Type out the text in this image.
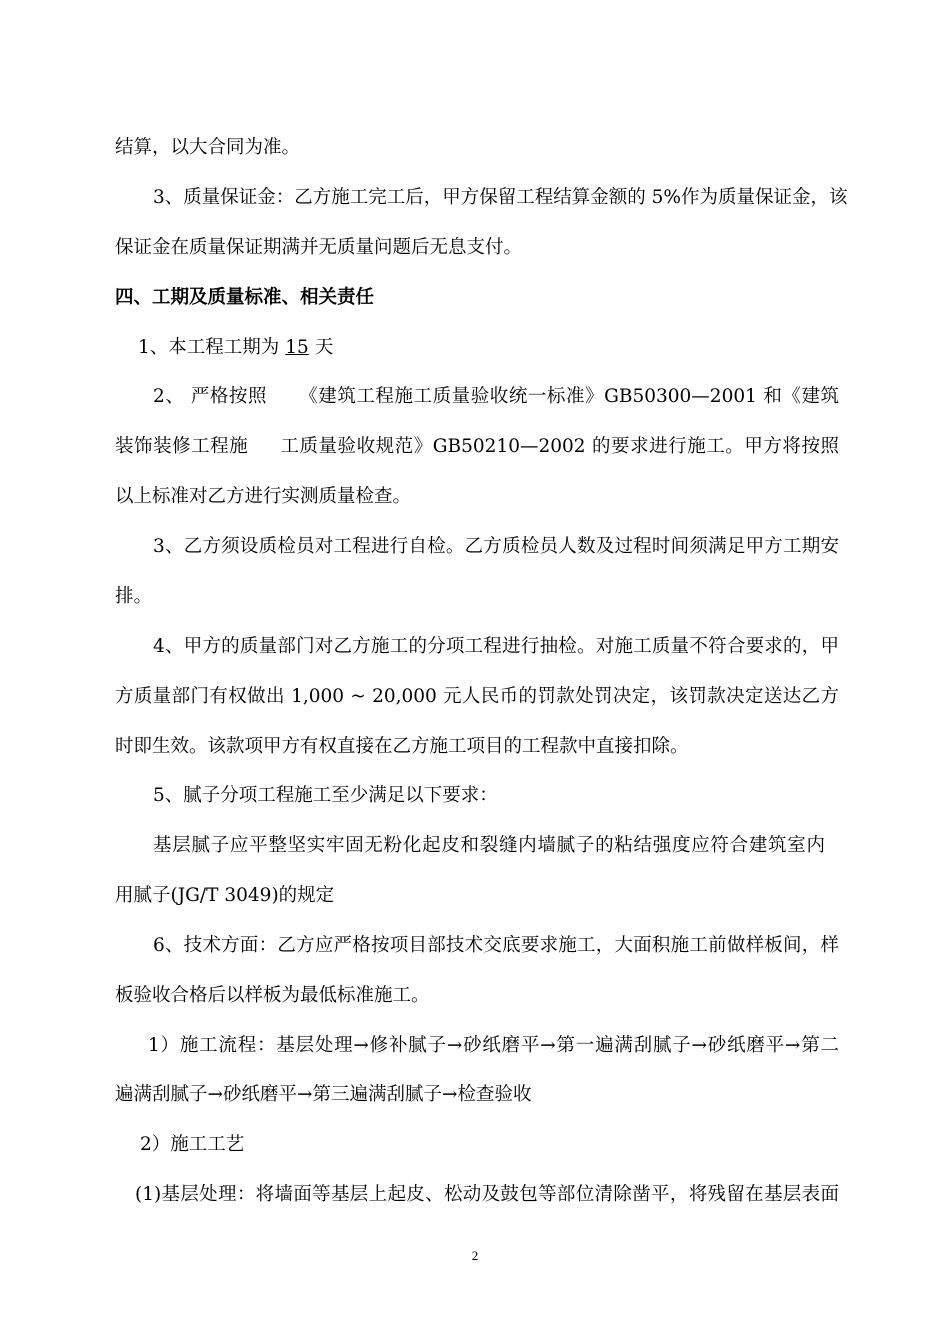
结算，以大合同为准。
3、质量保证金：乙方施工完工后，甲方保留工程结算金额的 5%作为质量保证金，该
保证金在质量保证期满并无质量问题后无息支付。
四、工期及质量标准、相关责任
1、本工程工期为 15 天
2、 严格按照     《建筑工程施工质量验收统一标准》GB50300—2001 和《建筑
装饰装修工程施     工质量验收规范》GB50210—2002 的要求进行施工。甲方将按照
以上标准对乙方进行实测质量检查。
3、乙方须设质检员对工程进行自检。乙方质检员人数及过程时间须满足甲方工期安
排。
4、甲方的质量部门对乙方施工的分项工程进行抽检。对施工质量不符合要求的，甲
方质量部门有权做出 1,000 ~ 20,000 元人民币的罚款处罚决定，该罚款决定送达乙方
时即生效。该款项甲方有权直接在乙方施工项目的工程款中直接扣除。
5、腻子分项工程施工至少满足以下要求：
基层腻子应平整坚实牢固无粉化起皮和裂缝内墙腻子的粘结强度应符合建筑室内
用腻子(JG/T 3049)的规定
6、技术方面：乙方应严格按项目部技术交底要求施工，大面积施工前做样板间，样
板验收合格后以样板为最低标准施工。
1）施工流程：基层处理→修补腻子→砂纸磨平→第一遍满刮腻子→砂纸磨平→第二
遍满刮腻子→砂纸磨平→第三遍满刮腻子→检查验收
2）施工工艺
(1)基层处理：将墙面等基层上起皮、松动及鼓包等部位清除凿平，将残留在基层表面
2
